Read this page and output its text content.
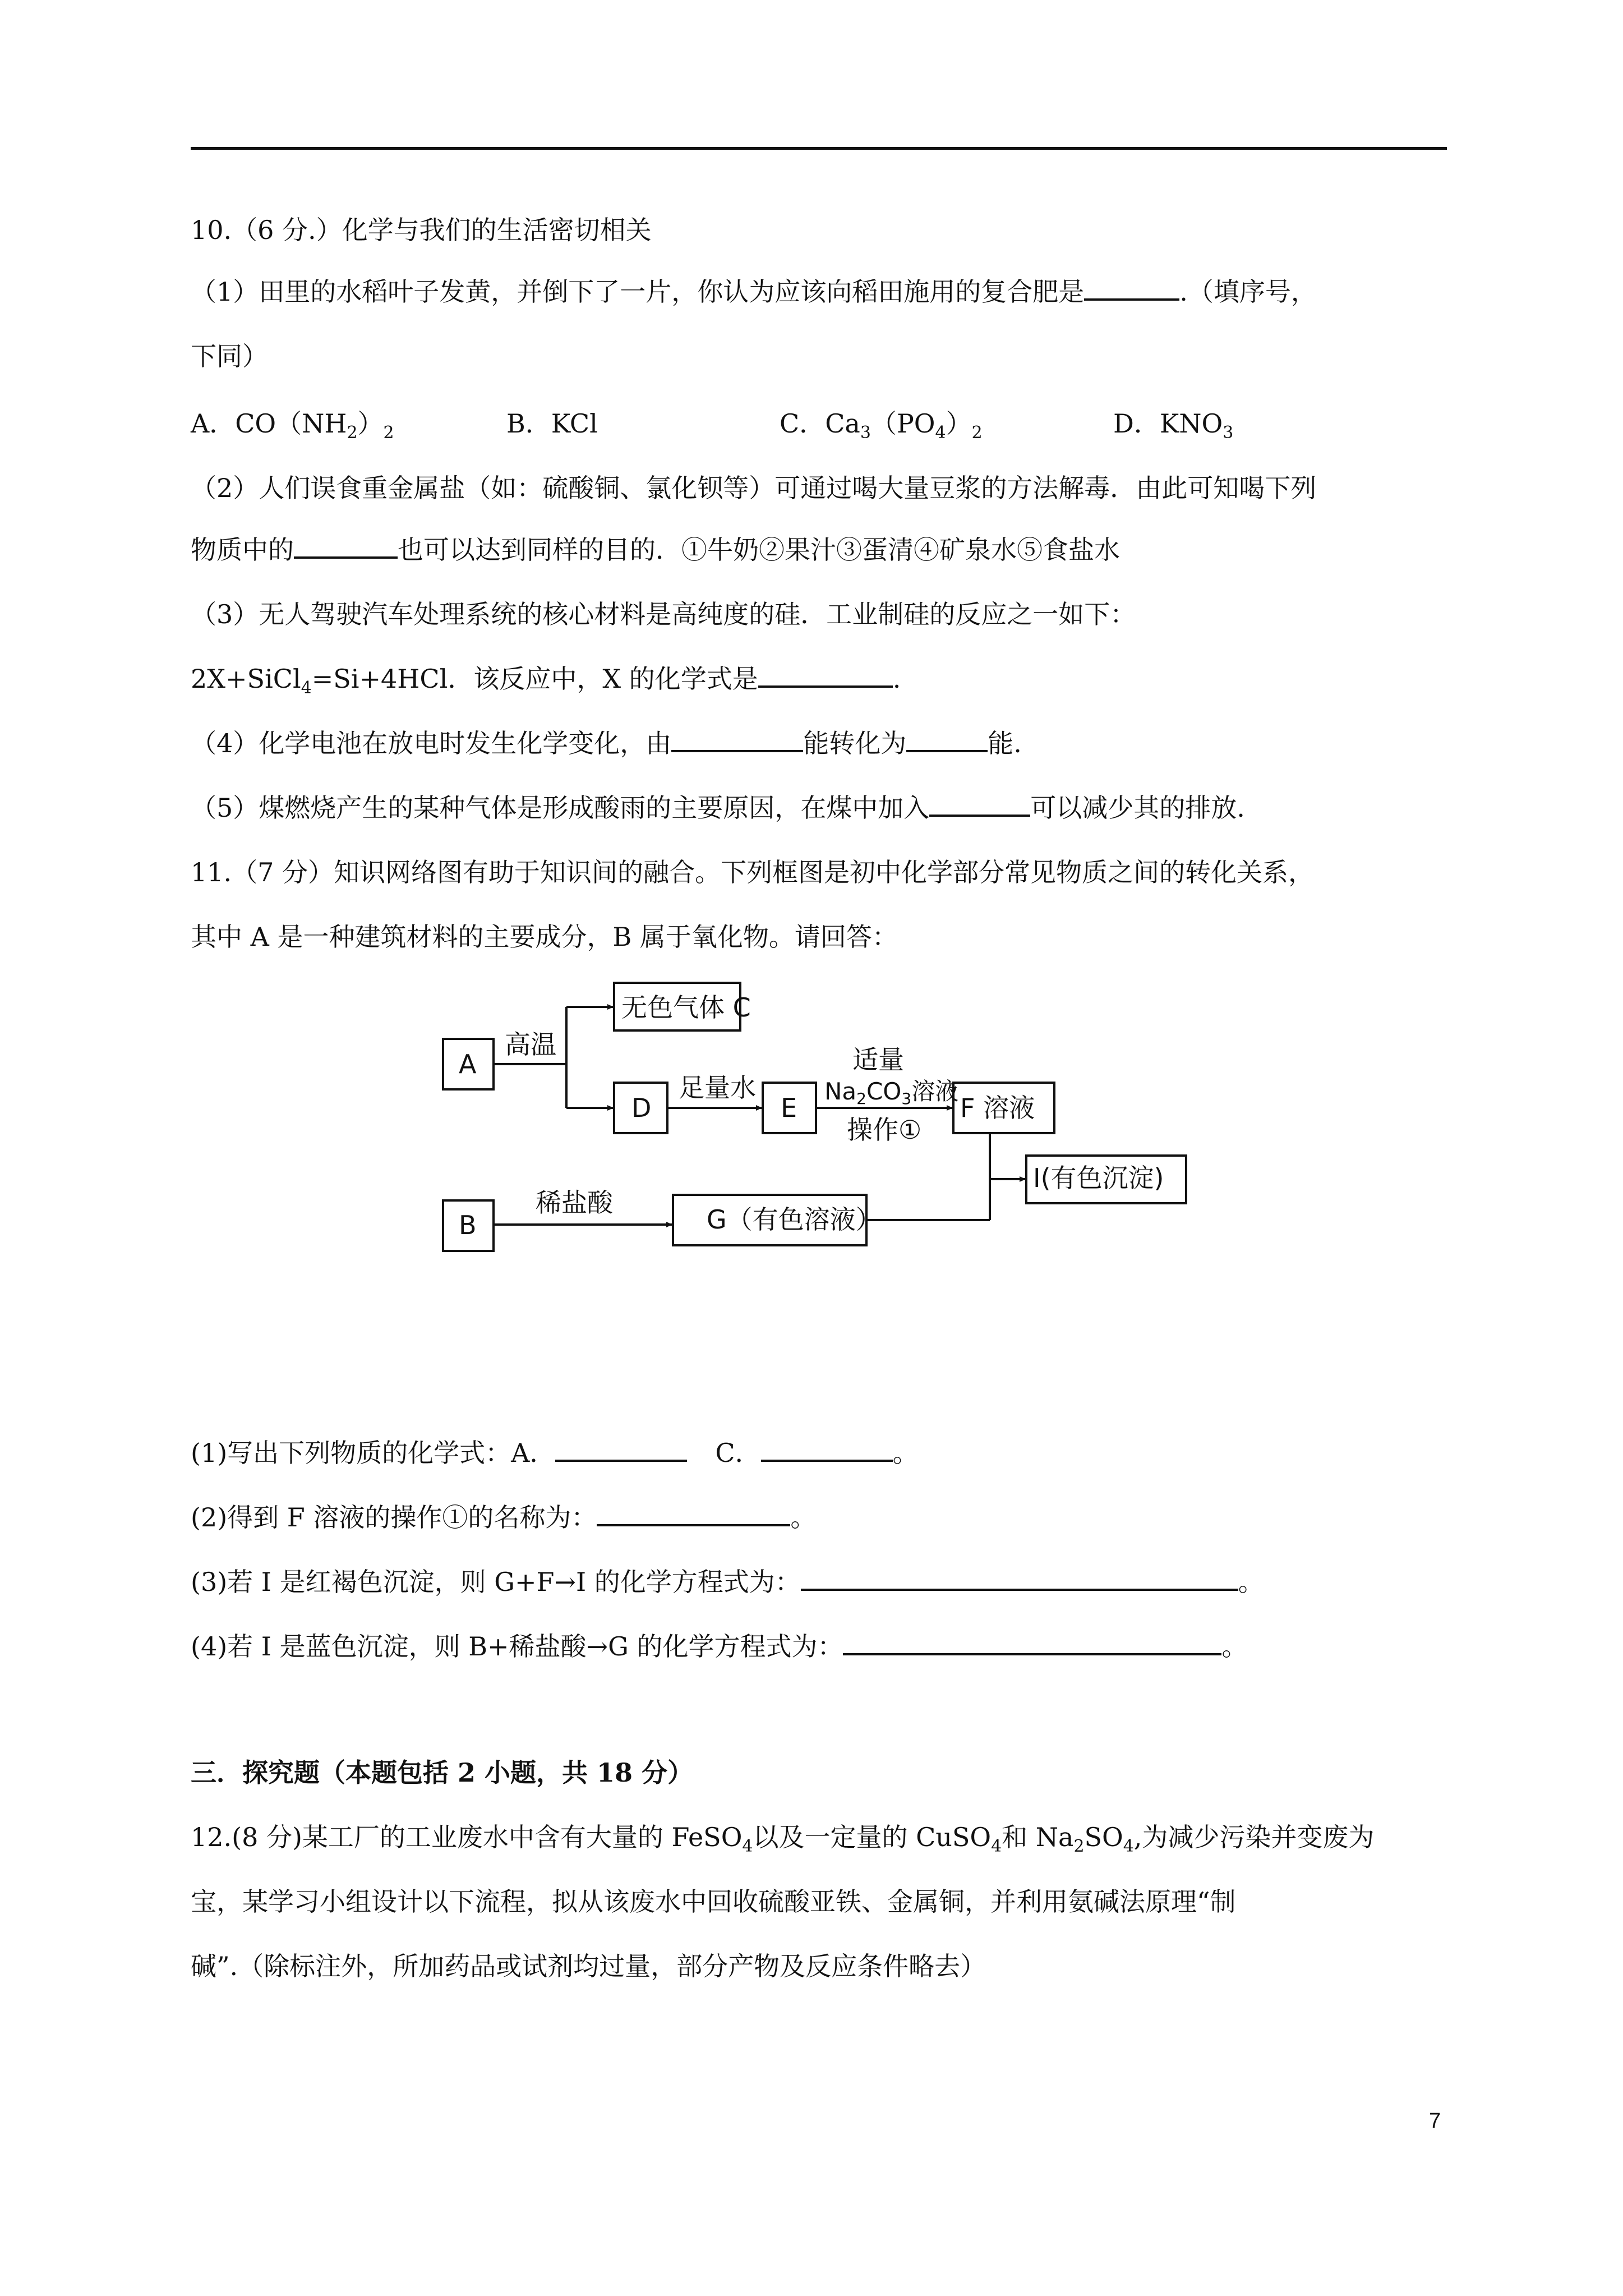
10.（6 分.）化学与我们的生活密切相关
（1）田里的水稻叶子发黄，并倒下了一片，你认为应该向稻田施用的复合肥是	.（填序号，
下同）
A．$CO(NH_2)_2$	B．KCl	C．$Ca_3(PO_4)_2$	D．$KNO_3$
（2）人们误食重金属盐（如：硫酸铜、氯化钡等）可通过喝大量豆浆的方法解毒．由此可知喝下列
物质中的	也可以达到同样的目的．①牛奶②果汁③蛋清④矿泉水⑤食盐水
（3）无人驾驶汽车处理系统的核心材料是高纯度的硅．工业制硅的反应之一如下：
2X+SiCl$_4$=Si+4HCl．该反应中，X 的化学式是	.
（4）化学电池在放电时发生化学变化，由	能转化为	能.
（5）煤燃烧产生的某种气体是形成酸雨的主要原因，在煤中加入	可以减少其的排放.
11.（7 分）知识网络图有助于知识间的融合。下列框图是初中化学部分常见物质之间的转化关系，
其中 A 是一种建筑材料的主要成分，B 属于氧化物。请回答：
A
无色气体 C
D	E	F 溶液
I(有色沉淀)
B	G（有色溶液）
高温
足量水
适量
Na2CO3溶液
操作①
稀盐酸
(1)写出下列物质的化学式：A．	C．	。
(2)得到 F 溶液的操作①的名称为：	。
(3)若 I 是红褐色沉淀，则 G+F→I 的化学方程式为：	。
(4)若 I 是蓝色沉淀，则 B+稀盐酸→G 的化学方程式为：	。
三．探究题（本题包括 2 小题，共 18 分）
12.(8 分)某工厂的工业废水中含有大量的 FeSO$_4$以及一定量的 CuSO$_4$和 $Na_2SO_4$,为减少污染并变废为
宝，某学习小组设计以下流程，拟从该废水中回收硫酸亚铁、金属铜，并利用氨碱法原理“制
碱”.（除标注外，所加药品或试剂均过量，部分产物及反应条件略去）
7
